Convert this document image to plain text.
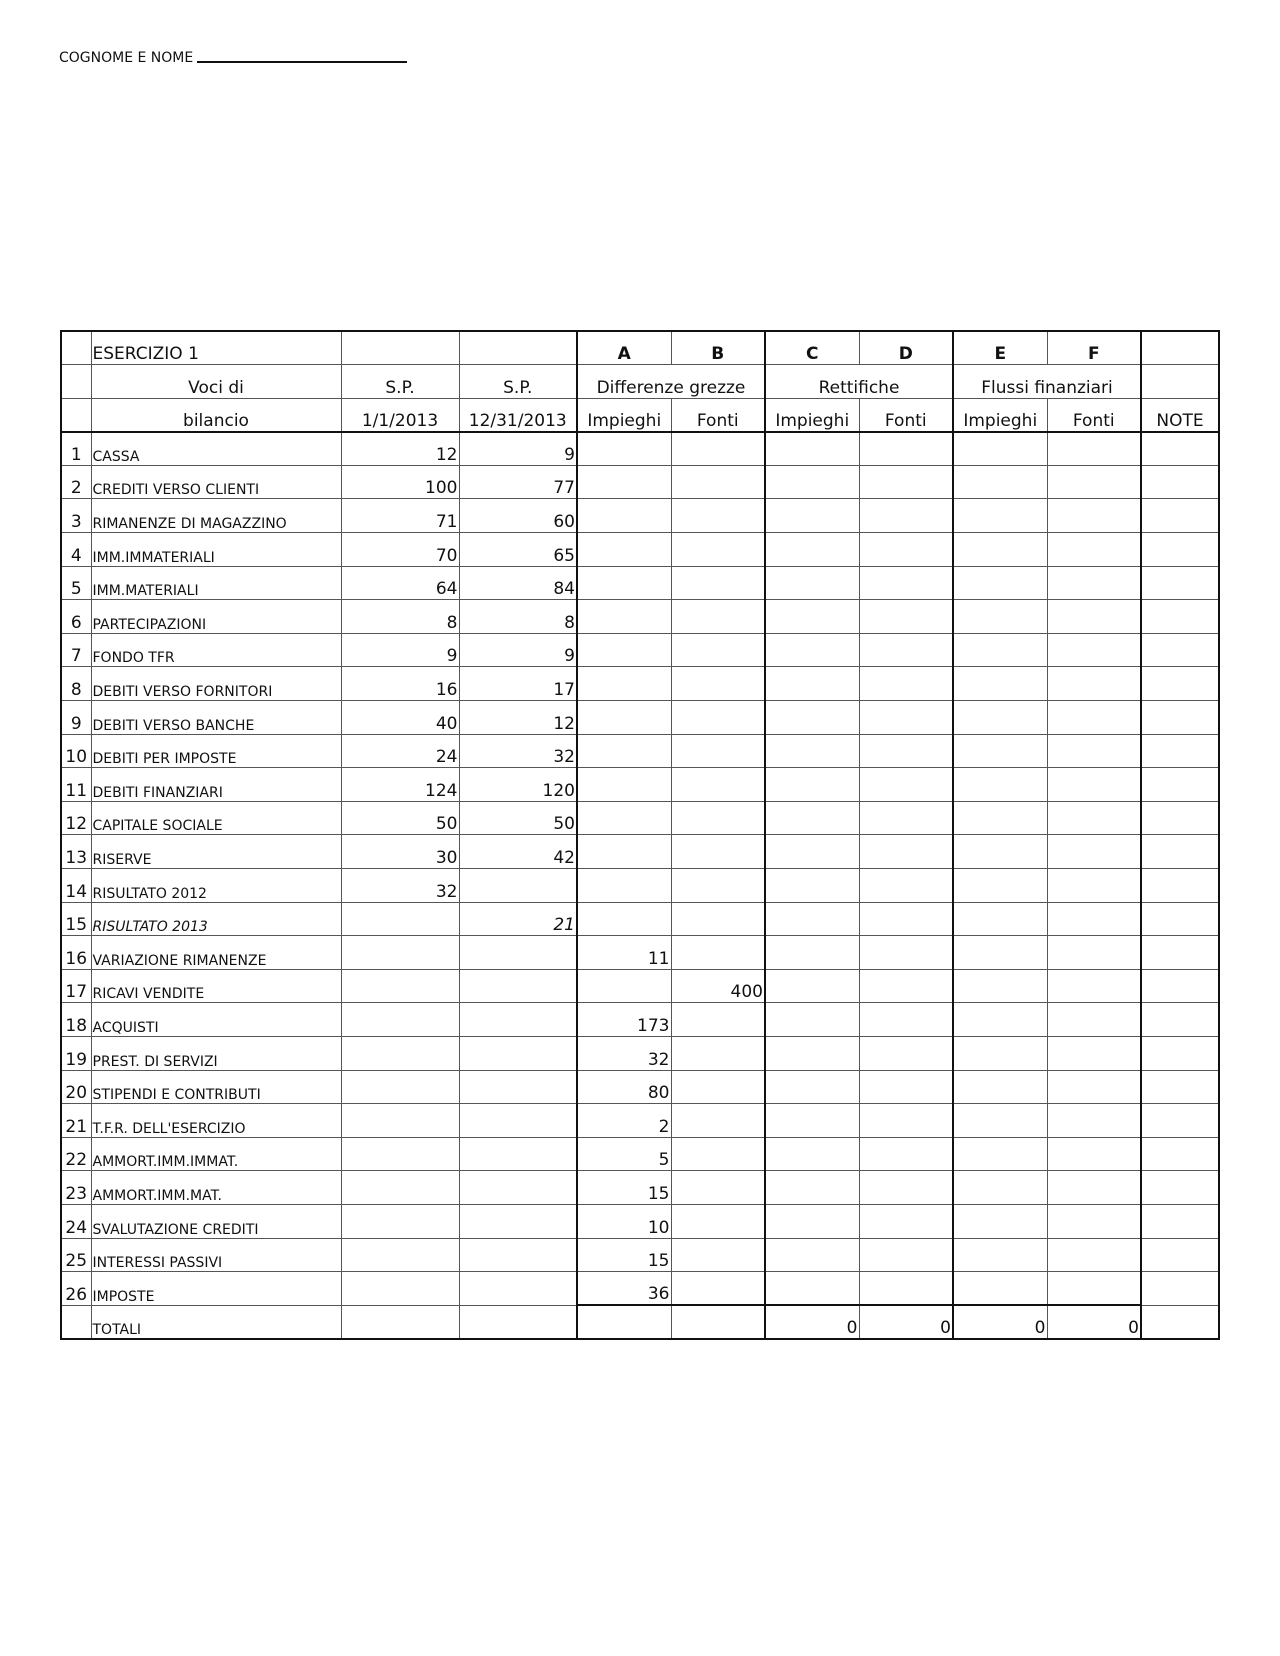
COGNOME E NOME
	ESERCIZIO 1			A	B	C	D	E	F	
	Voci di	S.P.	S.P.	Differenze grezze		Rettifiche		Flussi finanziari		
	bilancio	1/1/2013	12/31/2013	Impieghi	Fonti	Impieghi	Fonti	Impieghi	Fonti	NOTE
1	CASSA	12	9							
2	CREDITI VERSO CLIENTI	100	77							
3	RIMANENZE DI MAGAZZINO	71	60							
4	IMM.IMMATERIALI	70	65							
5	IMM.MATERIALI	64	84							
6	PARTECIPAZIONI	8	8							
7	FONDO TFR	9	9							
8	DEBITI VERSO FORNITORI	16	17							
9	DEBITI VERSO BANCHE	40	12							
10	DEBITI PER IMPOSTE	24	32							
11	DEBITI FINANZIARI	124	120							
12	CAPITALE SOCIALE	50	50							
13	RISERVE	30	42							
14	RISULTATO 2012	32								
15	RISULTATO 2013		21							
16	VARIAZIONE RIMANENZE			11						
17	RICAVI VENDITE				400					
18	ACQUISTI			173						
19	PREST. DI SERVIZI			32						
20	STIPENDI E CONTRIBUTI			80						
21	T.F.R. DELL'ESERCIZIO			2						
22	AMMORT.IMM.IMMAT.			5						
23	AMMORT.IMM.MAT.			15						
24	SVALUTAZIONE CREDITI			10						
25	INTERESSI PASSIVI			15						
26	IMPOSTE			36						
	TOTALI					0	0	0	0	
